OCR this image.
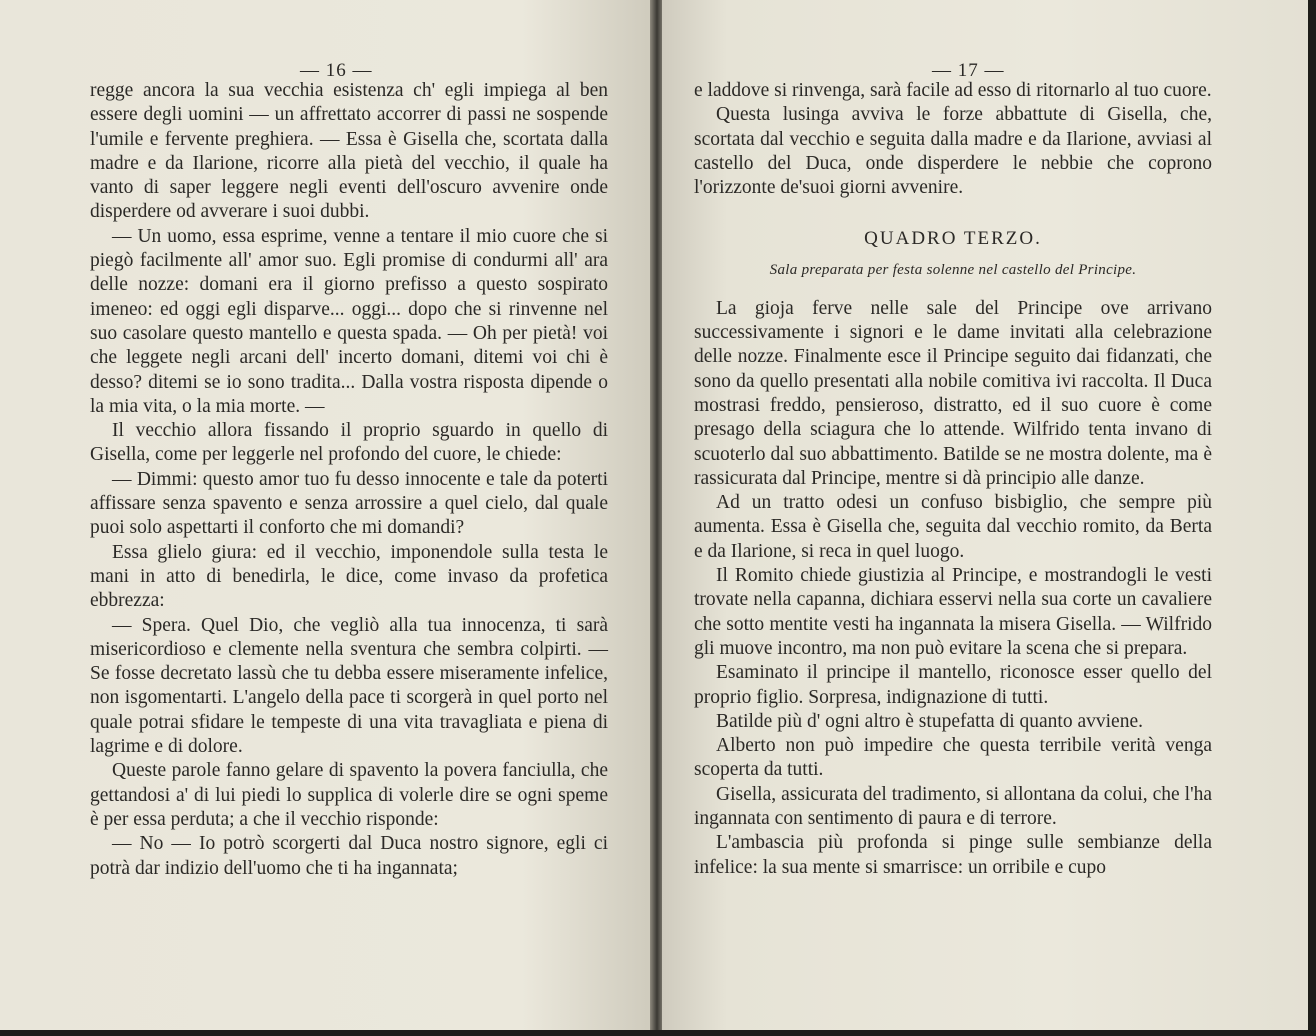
— 16 —

regge ancora la sua vecchia esistenza ch' egli impiega al ben essere degli uomini — un affrettato accorrer di passi ne sospende l'umile e fervente preghiera. — Essa è Gisella che, scortata dalla madre e da Ilarione, ricorre alla pietà del vecchio, il quale ha vanto di saper leggere negli eventi dell'oscuro avvenire onde disperdere od avverare i suoi dubbi.

— Un uomo, essa esprime, venne a tentare il mio cuore che si piegò facilmente all' amor suo. Egli promise di condurmi all' ara delle nozze: domani era il giorno prefisso a questo sospirato imeneo: ed oggi egli disparve... oggi... dopo che si rinvenne nel suo casolare questo mantello e questa spada. — Oh per pietà! voi che leggete negli arcani dell' incerto domani, ditemi voi chi è desso? ditemi se io sono tradita... Dalla vostra risposta dipende o la mia vita, o la mia morte. —

Il vecchio allora fissando il proprio sguardo in quello di Gisella, come per leggerle nel profondo del cuore, le chiede:

— Dimmi: questo amor tuo fu desso innocente e tale da poterti affissare senza spavento e senza arrossire a quel cielo, dal quale puoi solo aspettarti il conforto che mi domandi?

Essa glielo giura: ed il vecchio, imponendole sulla testa le mani in atto di benedirla, le dice, come invaso da profetica ebbrezza:

— Spera. Quel Dio, che vegliò alla tua innocenza, ti sarà misericordioso e clemente nella sventura che sembra colpirti. — Se fosse decretato lassù che tu debba essere miseramente infelice, non isgomentarti. L'angelo della pace ti scorgerà in quel porto nel quale potrai sfidare le tempeste di una vita travagliata e piena di lagrime e di dolore.

Queste parole fanno gelare di spavento la povera fanciulla, che gettandosi a' di lui piedi lo supplica di volerle dire se ogni speme è per essa perduta; a che il vecchio risponde:

— No — Io potrò scorgerti dal Duca nostro signore, egli ci potrà dar indizio dell'uomo che ti ha ingannata;

— 17 —

e laddove si rinvenga, sarà facile ad esso di ritornarlo al tuo cuore.

Questa lusinga avviva le forze abbattute di Gisella, che, scortata dal vecchio e seguita dalla madre e da Ilarione, avviasi al castello del Duca, onde disperdere le nebbie che coprono l'orizzonte de'suoi giorni avvenire.

QUADRO TERZO.
Sala preparata per festa solenne nel castello del Principe.

La gioja ferve nelle sale del Principe ove arrivano successivamente i signori e le dame invitati alla celebrazione delle nozze. Finalmente esce il Principe seguito dai fidanzati, che sono da quello presentati alla nobile comitiva ivi raccolta. Il Duca mostrasi freddo, pensieroso, distratto, ed il suo cuore è come presago della sciagura che lo attende. Wilfrido tenta invano di scuoterlo dal suo abbattimento. Batilde se ne mostra dolente, ma è rassicurata dal Principe, mentre si dà principio alle danze.

Ad un tratto odesi un confuso bisbiglio, che sempre più aumenta. Essa è Gisella che, seguita dal vecchio romito, da Berta e da Ilarione, si reca in quel luogo.

Il Romito chiede giustizia al Principe, e mostrandogli le vesti trovate nella capanna, dichiara esservi nella sua corte un cavaliere che sotto mentite vesti ha ingannata la misera Gisella. — Wilfrido gli muove incontro, ma non può evitare la scena che si prepara.

Esaminato il principe il mantello, riconosce esser quello del proprio figlio. Sorpresa, indignazione di tutti.

Batilde più d' ogni altro è stupefatta di quanto avviene.

Alberto non può impedire che questa terribile verità venga scoperta da tutti.

Gisella, assicurata del tradimento, si allontana da colui, che l'ha ingannata con sentimento di paura e di terrore.

L'ambascia più profonda si pinge sulle sembianze della infelice: la sua mente si smarrisce: un orribile e cupo
